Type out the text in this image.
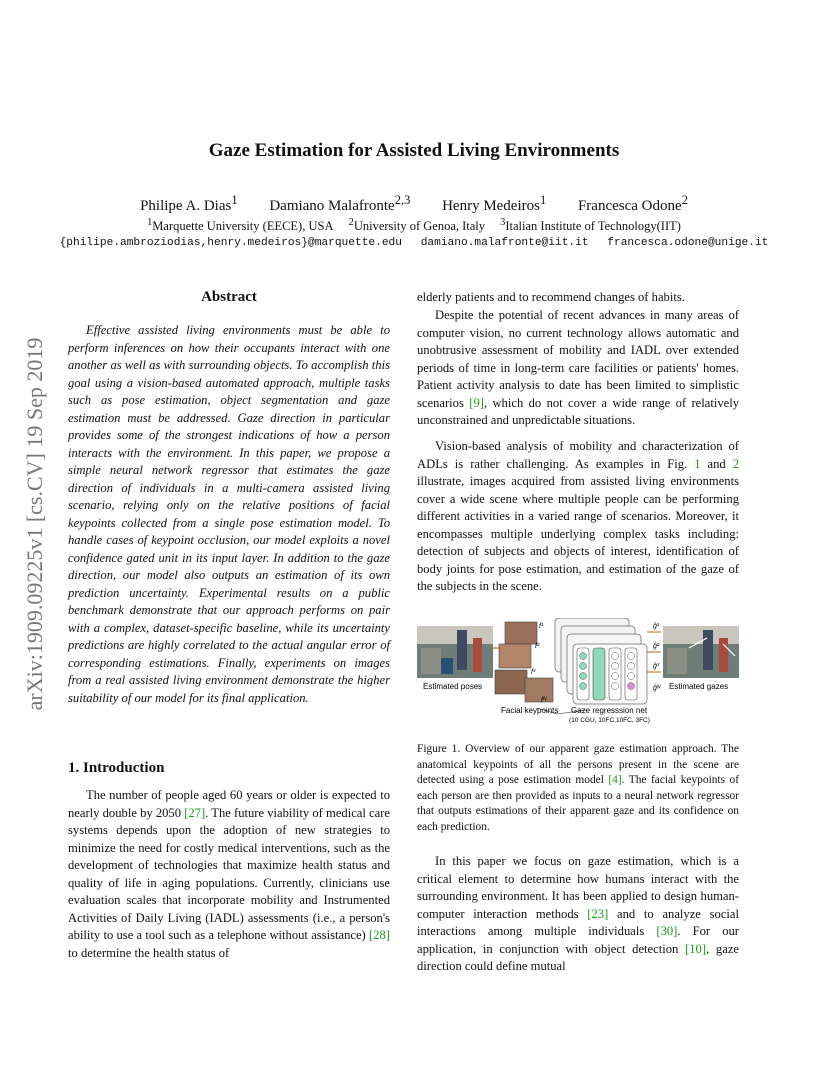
Gaze Estimation for Assisted Living Environments
Philipe A. Dias$^1$ Damiano Malafronte$^{2,3}$ Henry Medeiros$^1$ Francesca Odone$^2$
$^1$Marquette University (EECE), USA $^2$University of Genoa, Italy $^3$Italian Institute of Technology(IIT)
{philipe.ambroziodias,henry.medeiros}@marquette.edu damiano.malafronte@iit.it francesca.odone@unige.it
arXiv:1909.09225v1 [cs.CV] 19 Sep 2019
Abstract

Effective assisted living environments must be able to perform inferences on how their occupants interact with one another as well as with surrounding objects. To accomplish this goal using a vision-based automated approach, multiple tasks such as pose estimation, object segmentation and gaze estimation must be addressed. Gaze direction in particular provides some of the strongest indications of how a person interacts with the environment. In this paper, we propose a simple neural network regressor that estimates the gaze direction of individuals in a multi-camera assisted living scenario, relying only on the relative positions of facial keypoints collected from a single pose estimation model. To handle cases of keypoint occlusion, our model exploits a novel confidence gated unit in its input layer. In addition to the gaze direction, our model also outputs an estimation of its own prediction uncertainty. Experimental results on a public benchmark demonstrate that our approach performs on pair with a complex, dataset-specific baseline, while its uncertainty predictions are highly correlated to the actual angular error of corresponding estimations. Finally, experiments on images from a real assisted living environment demonstrate the higher suitability of our model for its final application.

1. Introduction

The number of people aged 60 years or older is expected to nearly double by 2050 [27]. The future viability of medical care systems depends upon the adoption of new strategies to minimize the need for costly medical interventions, such as the development of technologies that maximize health status and quality of life in aging populations. Currently, clinicians use evaluation scales that incorporate mobility and Instrumented Activities of Daily Living (IADL) assessments (i.e., a person's ability to use a tool such as a telephone without assistance) [28] to determine the health status of

elderly patients and to recommend changes of habits.

Despite the potential of recent advances in many areas of computer vision, no current technology allows automatic and unobtrusive assessment of mobility and IADL over extended periods of time in long-term care facilities or patients' homes. Patient activity analysis to date has been limited to simplistic scenarios [9], which do not cover a wide range of relatively unconstrained and unpredictable situations.

Vision-based analysis of mobility and characterization of ADLs is rather challenging. As examples in Fig. 1 and 2 illustrate, images acquired from assisted living environments cover a wide scene where multiple people can be performing different activities in a varied range of scenarios. Moreover, it encompasses multiple underlying complex tasks including: detection of subjects and objects of interest, identification of body joints for pose estimation, and estimation of the gaze of the subjects in the scene.

f¹
f²
f³
fᴺ
ĝ¹
ĝ²
ĝ³
ĝᴺ
Estimated poses	Estimated gazes
Facial keypoints Gaze regresssion net
(10 CGU, 10FC,10FC, 3FC)

Figure 1. Overview of our apparent gaze estimation approach. The anatomical keypoints of all the persons present in the scene are detected using a pose estimation model [4]. The facial keypoints of each person are then provided as inputs to a neural network regressor that outputs estimations of their apparent gaze and its confidence on each prediction.

In this paper we focus on gaze estimation, which is a critical element to determine how humans interact with the surrounding environment. It has been applied to design human-computer interaction methods [23] and to analyze social interactions among multiple individuals [30]. For our application, in conjunction with object detection [10], gaze direction could define mutual
